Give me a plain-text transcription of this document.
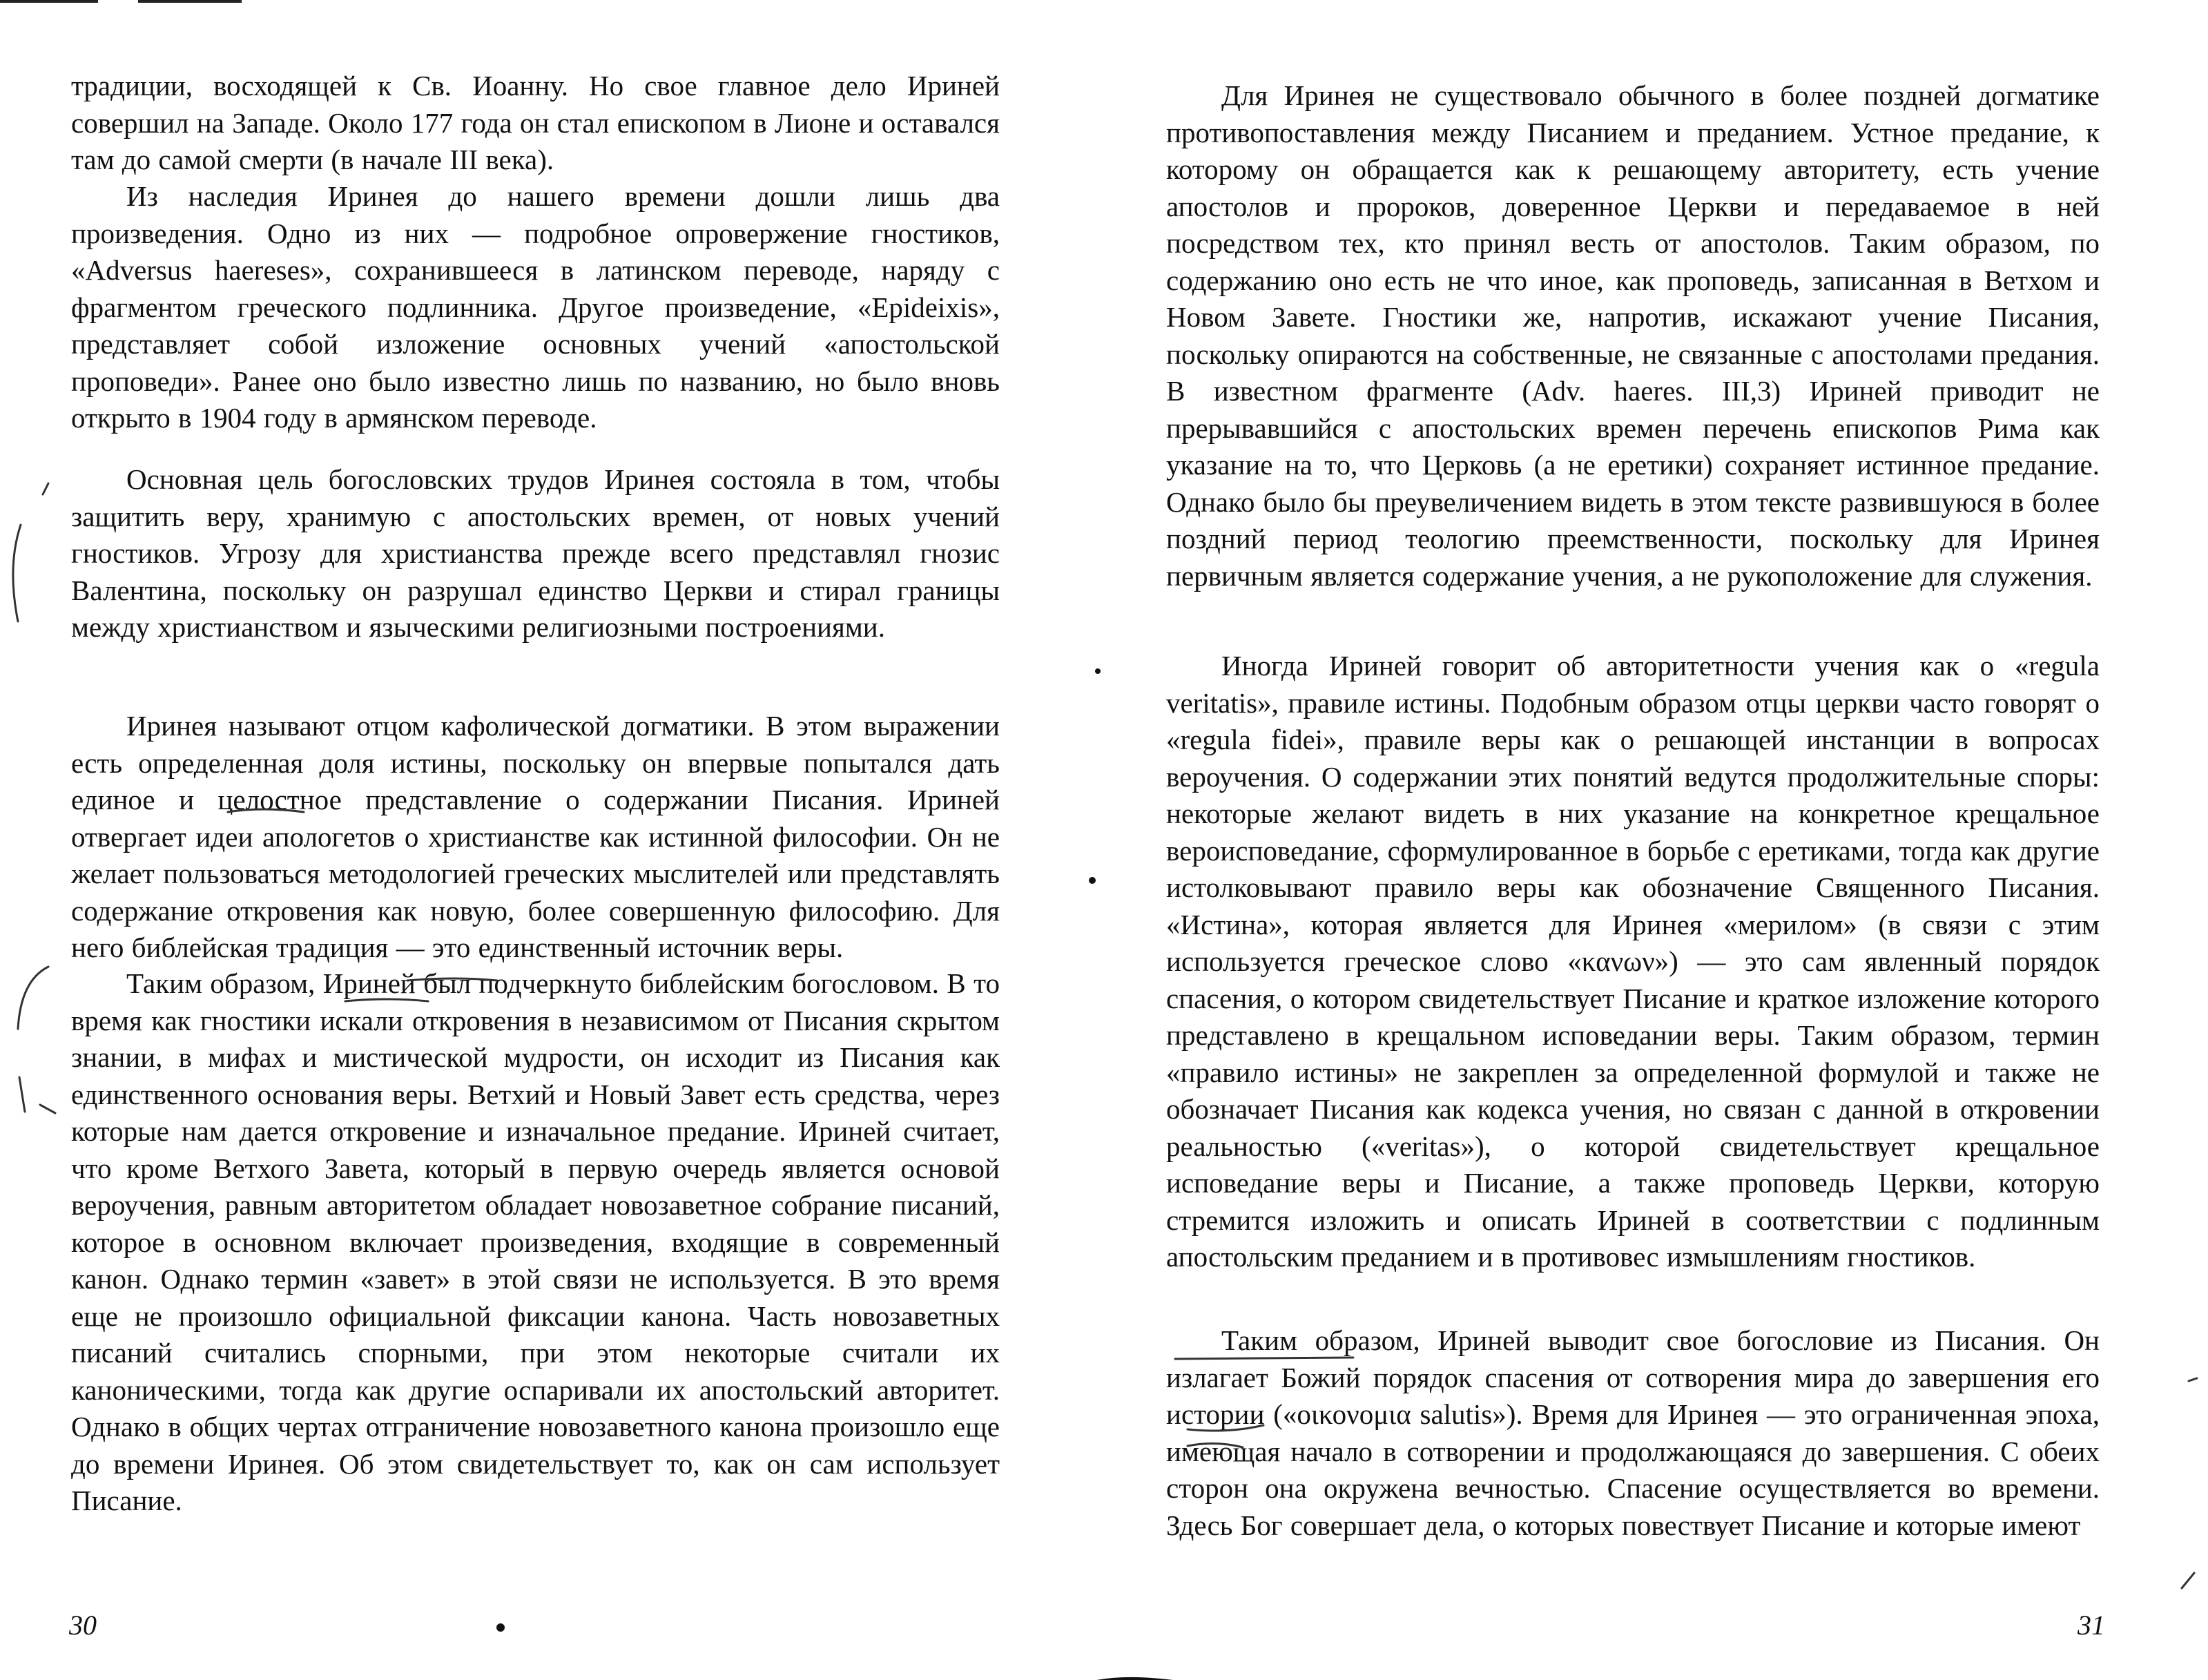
традиции, восходящей к Св. Иоанну. Но свое главное дело Ириней совершил на Западе. Около 177 года он стал епископом в Лионе и оставался там до самой смерти (в начале III века).

Из наследия Иринея до нашего времени дошли лишь два произведения. Одно из них — подробное опровержение гностиков, «Adversus haereses», сохранившееся в латинском переводе, наряду с фрагментом греческого подлинника. Другое произведение, «Epideixis», представляет собой изложение основных учений «апостольской проповеди». Ранее оно было известно лишь по названию, но было вновь открыто в 1904 году в армянском переводе.

Основная цель богословских трудов Иринея состояла в том, чтобы защитить веру, хранимую с апостольских времен, от новых учений гностиков. Угрозу для христианства прежде всего представлял гнозис Валентина, поскольку он разрушал единство Церкви и стирал границы между христианством и языческими религиозными построениями.

Иринея называют отцом кафолической догматики. В этом выражении есть определенная доля истины, поскольку он впервые попытался дать единое и целостное представление о содержании Писания. Ириней отвергает идеи апологетов о христианстве как истинной философии. Он не желает пользоваться методологией греческих мыслителей или представлять содержание откровения как новую, более совершенную философию. Для него библейская традиция — это единственный источник веры.

Таким образом, Ириней был подчеркнуто библейским богословом. В то время как гностики искали откровения в независимом от Писания скрытом знании, в мифах и мистической мудрости, он исходит из Писания как единственного основания веры. Ветхий и Новый Завет есть средства, через которые нам дается откровение и изначальное предание. Ириней считает, что кроме Ветхого Завета, который в первую очередь является основой вероучения, равным авторитетом обладает новозаветное собрание писаний, которое в основном включает произведения, входящие в современный канон. Однако термин «завет» в этой связи не используется. В это время еще не произошло официальной фиксации канона. Часть новозаветных писаний считались спорными, при этом некоторые считали их каноническими, тогда как другие оспаривали их апостольский авторитет. Однако в общих чертах отграничение новозаветного канона произошло еще до времени Иринея. Об этом свидетельствует то, как он сам использует Писание.

30

Для Иринея не существовало обычного в более поздней догматике противопоставления между Писанием и преданием. Устное предание, к которому он обращается как к решающему авторитету, есть учение апостолов и пророков, доверенное Церкви и передаваемое в ней посредством тех, кто принял весть от апостолов. Таким образом, по содержанию оно есть не что иное, как проповедь, записанная в Ветхом и Новом Завете. Гностики же, напротив, искажают учение Писания, поскольку опираются на собственные, не связанные с апостолами предания. В известном фрагменте (Adv. haeres. III,3) Ириней приводит не прерывавшийся с апостольских времен перечень епископов Рима как указание на то, что Церковь (а не еретики) сохраняет истинное предание. Однако было бы преувеличением видеть в этом тексте развившуюся в более поздний период теологию преемственности, поскольку для Иринея первичным является содержание учения, а не рукоположение для служения.

Иногда Ириней говорит об авторитетности учения как о «regula veritatis», правиле истины. Подобным образом отцы церкви часто говорят о «regula fidei», правиле веры как о решающей инстанции в вопросах вероучения. О содержании этих понятий ведутся продолжительные споры: некоторые желают видеть в них указание на конкретное крещальное вероисповедание, сформулированное в борьбе с еретиками, тогда как другие истолковывают правило веры как обозначение Священного Писания. «Истина», которая является для Иринея «мерилом» (в связи с этим используется греческое слово «κανων») — это сам явленный порядок спасения, о котором свидетельствует Писание и краткое изложение которого представлено в крещальном исповедании веры. Таким образом, термин «правило истины» не закреплен за определенной формулой и также не обозначает Писания как кодекса учения, но связан с данной в откровении реальностью («veritas»), о которой свидетельствует крещальное исповедание веры и Писание, а также проповедь Церкви, которую стремится изложить и описать Ириней в соответствии с подлинным апостольским преданием и в противовес измышлениям гностиков.

Таким образом, Ириней выводит свое богословие из Писания. Он излагает Божий порядок спасения от сотворения мира до завершения его истории («οικονομια salutis»). Время для Иринея — это ограниченная эпоха, имеющая начало в сотворении и продолжающаяся до завершения. С обеих сторон она окружена вечностью. Спасение осуществляется во времени. Здесь Бог совершает дела, о которых повествует Писание и которые имеют

31
